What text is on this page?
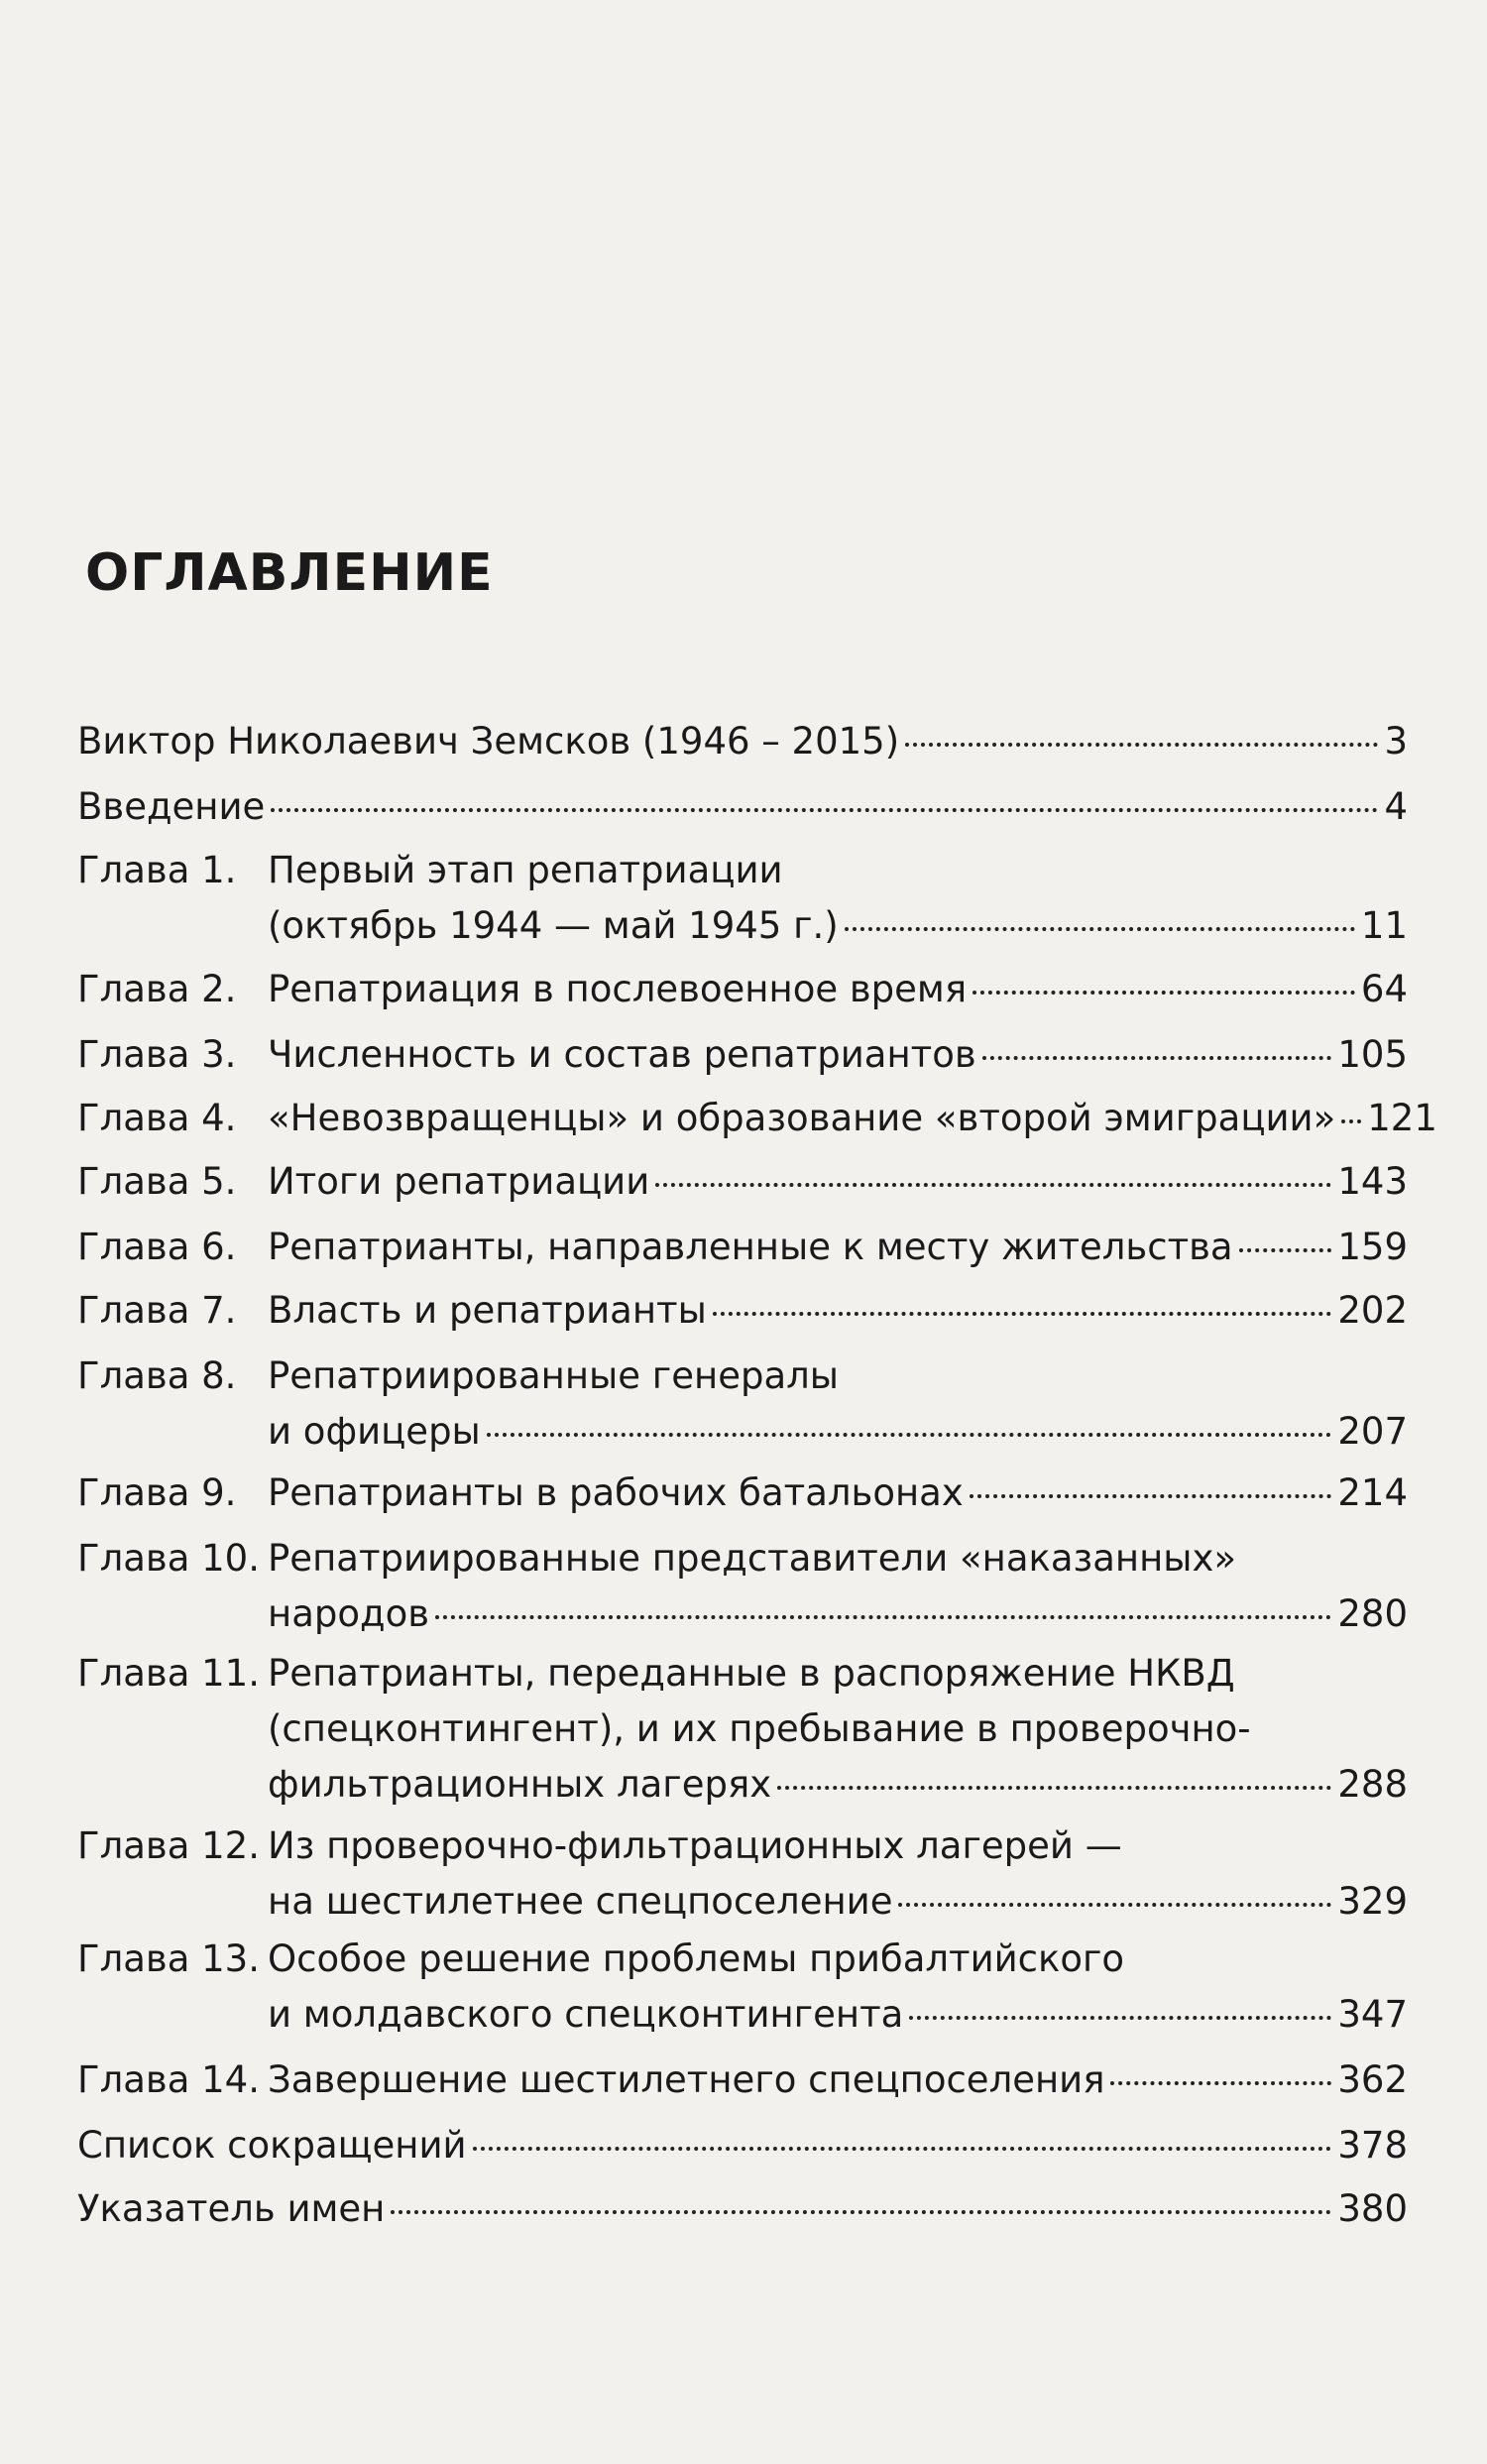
ОГЛАВЛЕНИЕ
Виктор Николаевич Земсков (1946 – 2015)	3
Введение	4
Глава 1. Первый этап репатриации
(октябрь 1944 — май 1945 г.)	11
Глава 2. Репатриация в послевоенное время	64
Глава 3. Численность и состав репатриантов	105
Глава 4. «Невозвращенцы» и образование «второй эмиграции» 121
Глава 5. Итоги репатриации	143
Глава 6. Репатрианты, направленные к месту жительства	159
Глава 7. Власть и репатрианты	202
Глава 8. Репатриированные генералы
и офицеры	207
Глава 9. Репатрианты в рабочих батальонах	214
Глава 10. Репатриированные представители «наказанных»
народов	280
Глава 11. Репатрианты, переданные в распоряжение НКВД
(спецконтингент), и их пребывание в проверочно-
фильтрационных лагерях	288
Глава 12. Из проверочно-фильтрационных лагерей —
на шестилетнее спецпоселение	329
Глава 13. Особое решение проблемы прибалтийского
и молдавского спецконтингента	347
Глава 14. Завершение шестилетнего спецпоселения	362
Список сокращений	378
Указатель имен	380
